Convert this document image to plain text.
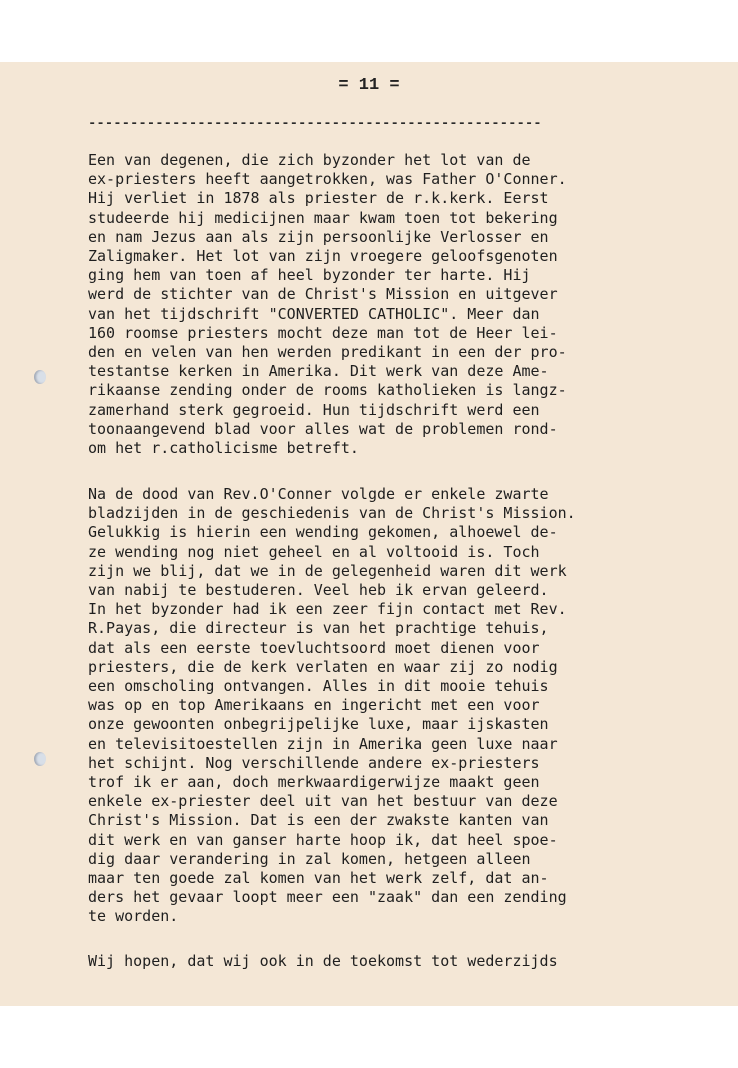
= 11 =
------------------------------------------------------
Een van degenen, die zich byzonder het lot van de
ex-priesters heeft aangetrokken, was Father O'Conner.
Hij verliet in 1878 als priester de r.k.kerk. Eerst
studeerde hij medicijnen maar kwam toen tot bekering
en nam Jezus aan als zijn persoonlijke Verlosser en
Zaligmaker. Het lot van zijn vroegere geloofsgenoten
ging hem van toen af heel byzonder ter harte. Hij
werd de stichter van de Christ's Mission en uitgever
van het tijdschrift "CONVERTED CATHOLIC". Meer dan
160 roomse priesters mocht deze man tot de Heer lei-
den en velen van hen werden predikant in een der pro-
testantse kerken in Amerika. Dit werk van deze Ame-
rikaanse zending onder de rooms katholieken is langz-
zamerhand sterk gegroeid. Hun tijdschrift werd een
toonaangevend blad voor alles wat de problemen rond-
om het r.catholicisme betreft.
Na de dood van Rev.O'Conner volgde er enkele zwarte
bladzijden in de geschiedenis van de Christ's Mission.
Gelukkig is hierin een wending gekomen, alhoewel de-
ze wending nog niet geheel en al voltooid is. Toch
zijn we blij, dat we in de gelegenheid waren dit werk
van nabij te bestuderen. Veel heb ik ervan geleerd.
In het byzonder had ik een zeer fijn contact met Rev.
R.Payas, die directeur is van het prachtige tehuis,
dat als een eerste toevluchtsoord moet dienen voor
priesters, die de kerk verlaten en waar zij zo nodig
een omscholing ontvangen. Alles in dit mooie tehuis
was op en top Amerikaans en ingericht met een voor
onze gewoonten onbegrijpelijke luxe, maar ijskasten
en televisitoestellen zijn in Amerika geen luxe naar
het schijnt. Nog verschillende andere ex-priesters
trof ik er aan, doch merkwaardigerwijze maakt geen
enkele ex-priester deel uit van het bestuur van deze
Christ's Mission. Dat is een der zwakste kanten van
dit werk en van ganser harte hoop ik, dat heel spoe-
dig daar verandering in zal komen, hetgeen alleen
maar ten goede zal komen van het werk zelf, dat an-
ders het gevaar loopt meer een "zaak" dan een zending
te worden.
Wij hopen, dat wij ook in de toekomst tot wederzijds
